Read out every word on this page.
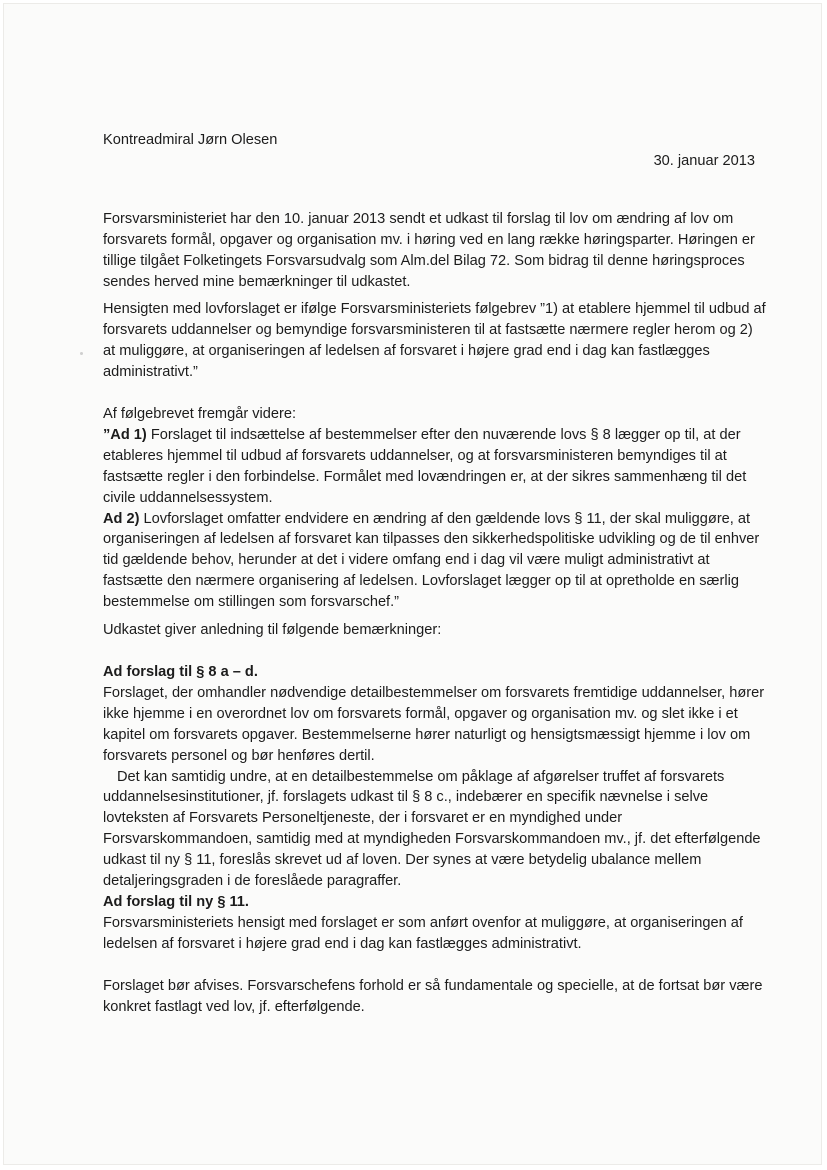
Kontreadmiral Jørn Olesen

30. januar 2013

Forsvarsministeriet har den 10. januar 2013 sendt et udkast til forslag til lov om ændring af lov om forsvarets formål, opgaver og organisation mv. i høring ved en lang række høringsparter. Høringen er tillige tilgået Folketingets Forsvarsudvalg som Alm.del Bilag 72. Som bidrag til denne høringsproces sendes herved mine bemærkninger til udkastet.

Hensigten med lovforslaget er ifølge Forsvarsministeriets følgebrev ”1) at etablere hjemmel til udbud af forsvarets uddannelser og bemyndige forsvarsministeren til at fastsætte nærmere regler herom og 2) at muliggøre, at organiseringen af ledelsen af forsvaret i højere grad end i dag kan fastlægges administrativt.”

Af følgebrevet fremgår videre:
”Ad 1) Forslaget til indsættelse af bestemmelser efter den nuværende lovs § 8 lægger op til, at der etableres hjemmel til udbud af forsvarets uddannelser, og at forsvarsministeren bemyndiges til at fastsætte regler i den forbindelse. Formålet med lovændringen er, at der sikres sammenhæng til det civile uddannelsessystem.
Ad 2) Lovforslaget omfatter endvidere en ændring af den gældende lovs § 11, der skal muliggøre, at organiseringen af ledelsen af forsvaret kan tilpasses den sikkerhedspolitiske udvikling og de til enhver tid gældende behov, herunder at det i videre omfang end i dag vil være muligt administrativt at fastsætte den nærmere organisering af ledelsen. Lovforslaget lægger op til at opretholde en særlig bestemmelse om stillingen som forsvarschef.”

Udkastet giver anledning til følgende bemærkninger:

Ad forslag til § 8 a – d.
Forslaget, der omhandler nødvendige detailbestemmelser om forsvarets fremtidige uddannelser, hører ikke hjemme i en overordnet lov om forsvarets formål, opgaver og organisation mv. og slet ikke i et kapitel om forsvarets opgaver. Bestemmelserne hører naturligt og hensigtsmæssigt hjemme i lov om forsvarets personel og bør henføres dertil.
Det kan samtidig undre, at en detailbestemmelse om påklage af afgørelser truffet af forsvarets uddannelsesinstitutioner, jf. forslagets udkast til § 8 c., indebærer en specifik nævnelse i selve lovteksten af Forsvarets Personeltjeneste, der i forsvaret er en myndighed under Forsvarskommandoen, samtidig med at myndigheden Forsvarskommandoen mv., jf. det efterfølgende udkast til ny § 11, foreslås skrevet ud af loven. Der synes at være betydelig ubalance mellem detaljeringsgraden i de foreslåede paragraffer.

Ad forslag til ny § 11.
Forsvarsministeriets hensigt med forslaget er som anført ovenfor at muliggøre, at organiseringen af ledelsen af forsvaret i højere grad end i dag kan fastlægges administrativt.

Forslaget bør afvises. Forsvarschefens forhold er så fundamentale og specielle, at de fortsat bør være konkret fastlagt ved lov, jf. efterfølgende.
